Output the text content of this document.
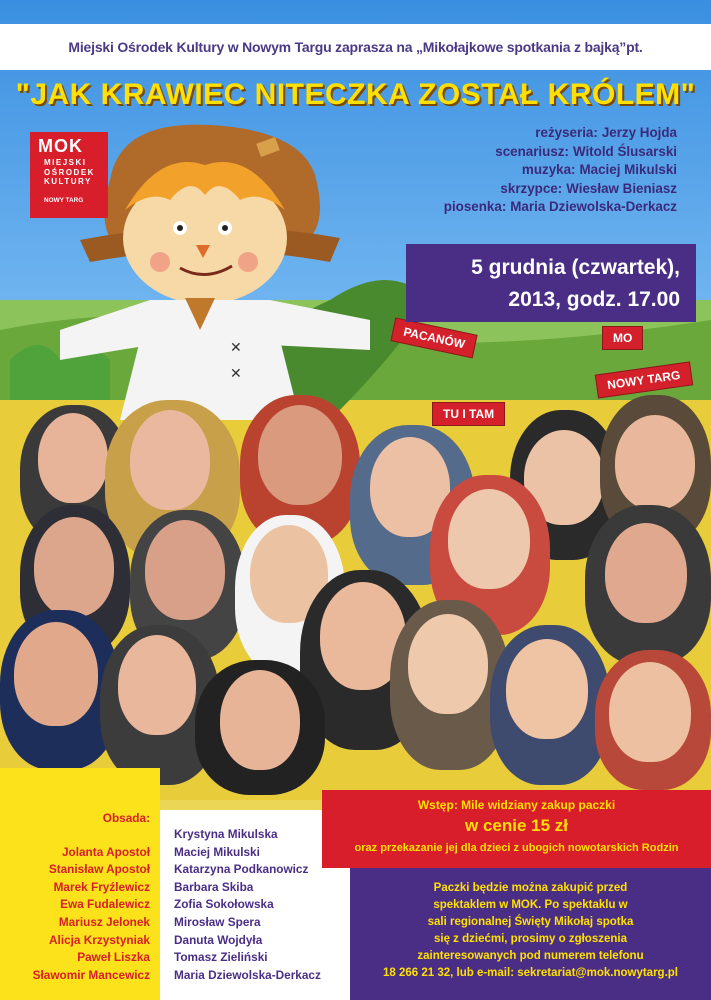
✕
✕
PACANÓW
TU I TAM
NOWY TARG
MO
Miejski Ośrodek Kultury w Nowym Targu zaprasza na „Mikołajkowe spotkania z bajką”pt.
"JAK KRAWIEC NITECZKA ZOSTAŁ KRÓLEM"
MOK
MIEJSKI
OŚRODEK
KULTURY
NOWY TARG
reżyseria: Jerzy Hojda
scenariusz: Witold Ślusarski
muzyka: Maciej Mikulski
skrzypce: Wiesław Bieniasz
piosenka: Maria Dziewolska-Derkacz
5 grudnia (czwartek),
2013, godz. 17.00
Obsada:
Jolanta Apostoł
Stanisław Apostoł
Marek Fryźlewicz
Ewa Fudalewicz
Mariusz Jelonek
Alicja Krzystyniak
Paweł Liszka
Sławomir Mancewicz
Krystyna Mikulska
Maciej Mikulski
Katarzyna Podkanowicz
Barbara Skiba
Zofia Sokołowska
Mirosław Spera
Danuta Wojdyła
Tomasz Zieliński
Maria Dziewolska-Derkacz
Wstęp: Mile widziany zakup paczki
w cenie 15 zł
oraz przekazanie jej dla dzieci z ubogich nowotarskich Rodzin
Paczki będzie można zakupić przed
spektaklem w MOK. Po spektaklu w
sali regionalnej Święty Mikołaj spotka
się z dziećmi, prosimy o zgłoszenia
zainteresowanych pod numerem telefonu
18 266 21 32, lub e-mail: sekretariat@mok.nowytarg.pl
